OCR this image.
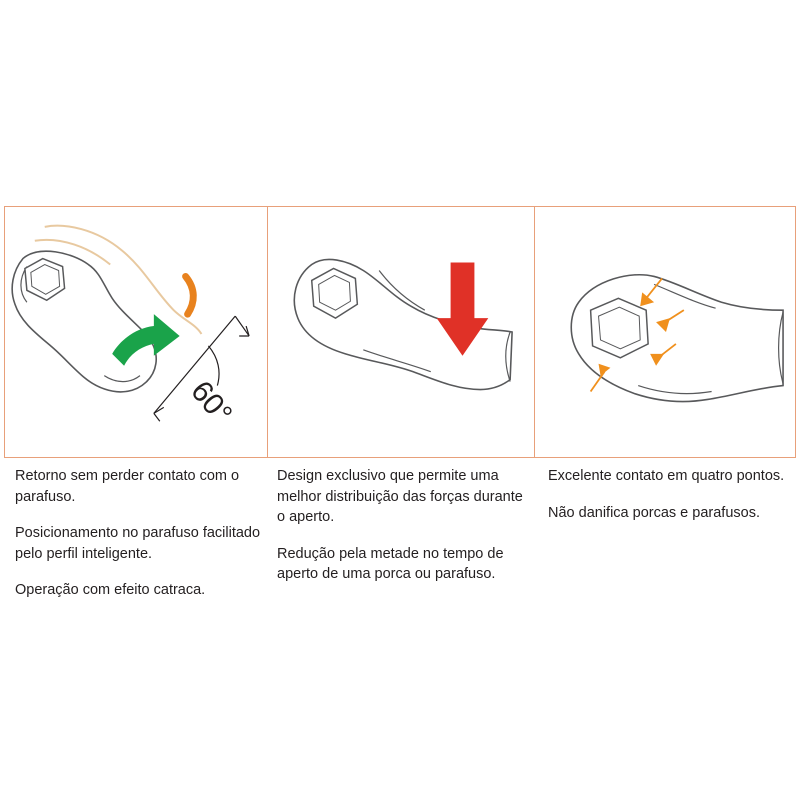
60°

Retorno sem perder contato com o parafuso.

Posicionamento no parafuso facilitado pelo perfil inteligente.

Operação com efeito catraca.

Design exclusivo que permite uma melhor distribuição das forças durante o aperto.

Redução pela metade no tempo de aperto de uma porca ou parafuso.

Excelente contato em quatro pontos.

Não danifica porcas e parafusos.
